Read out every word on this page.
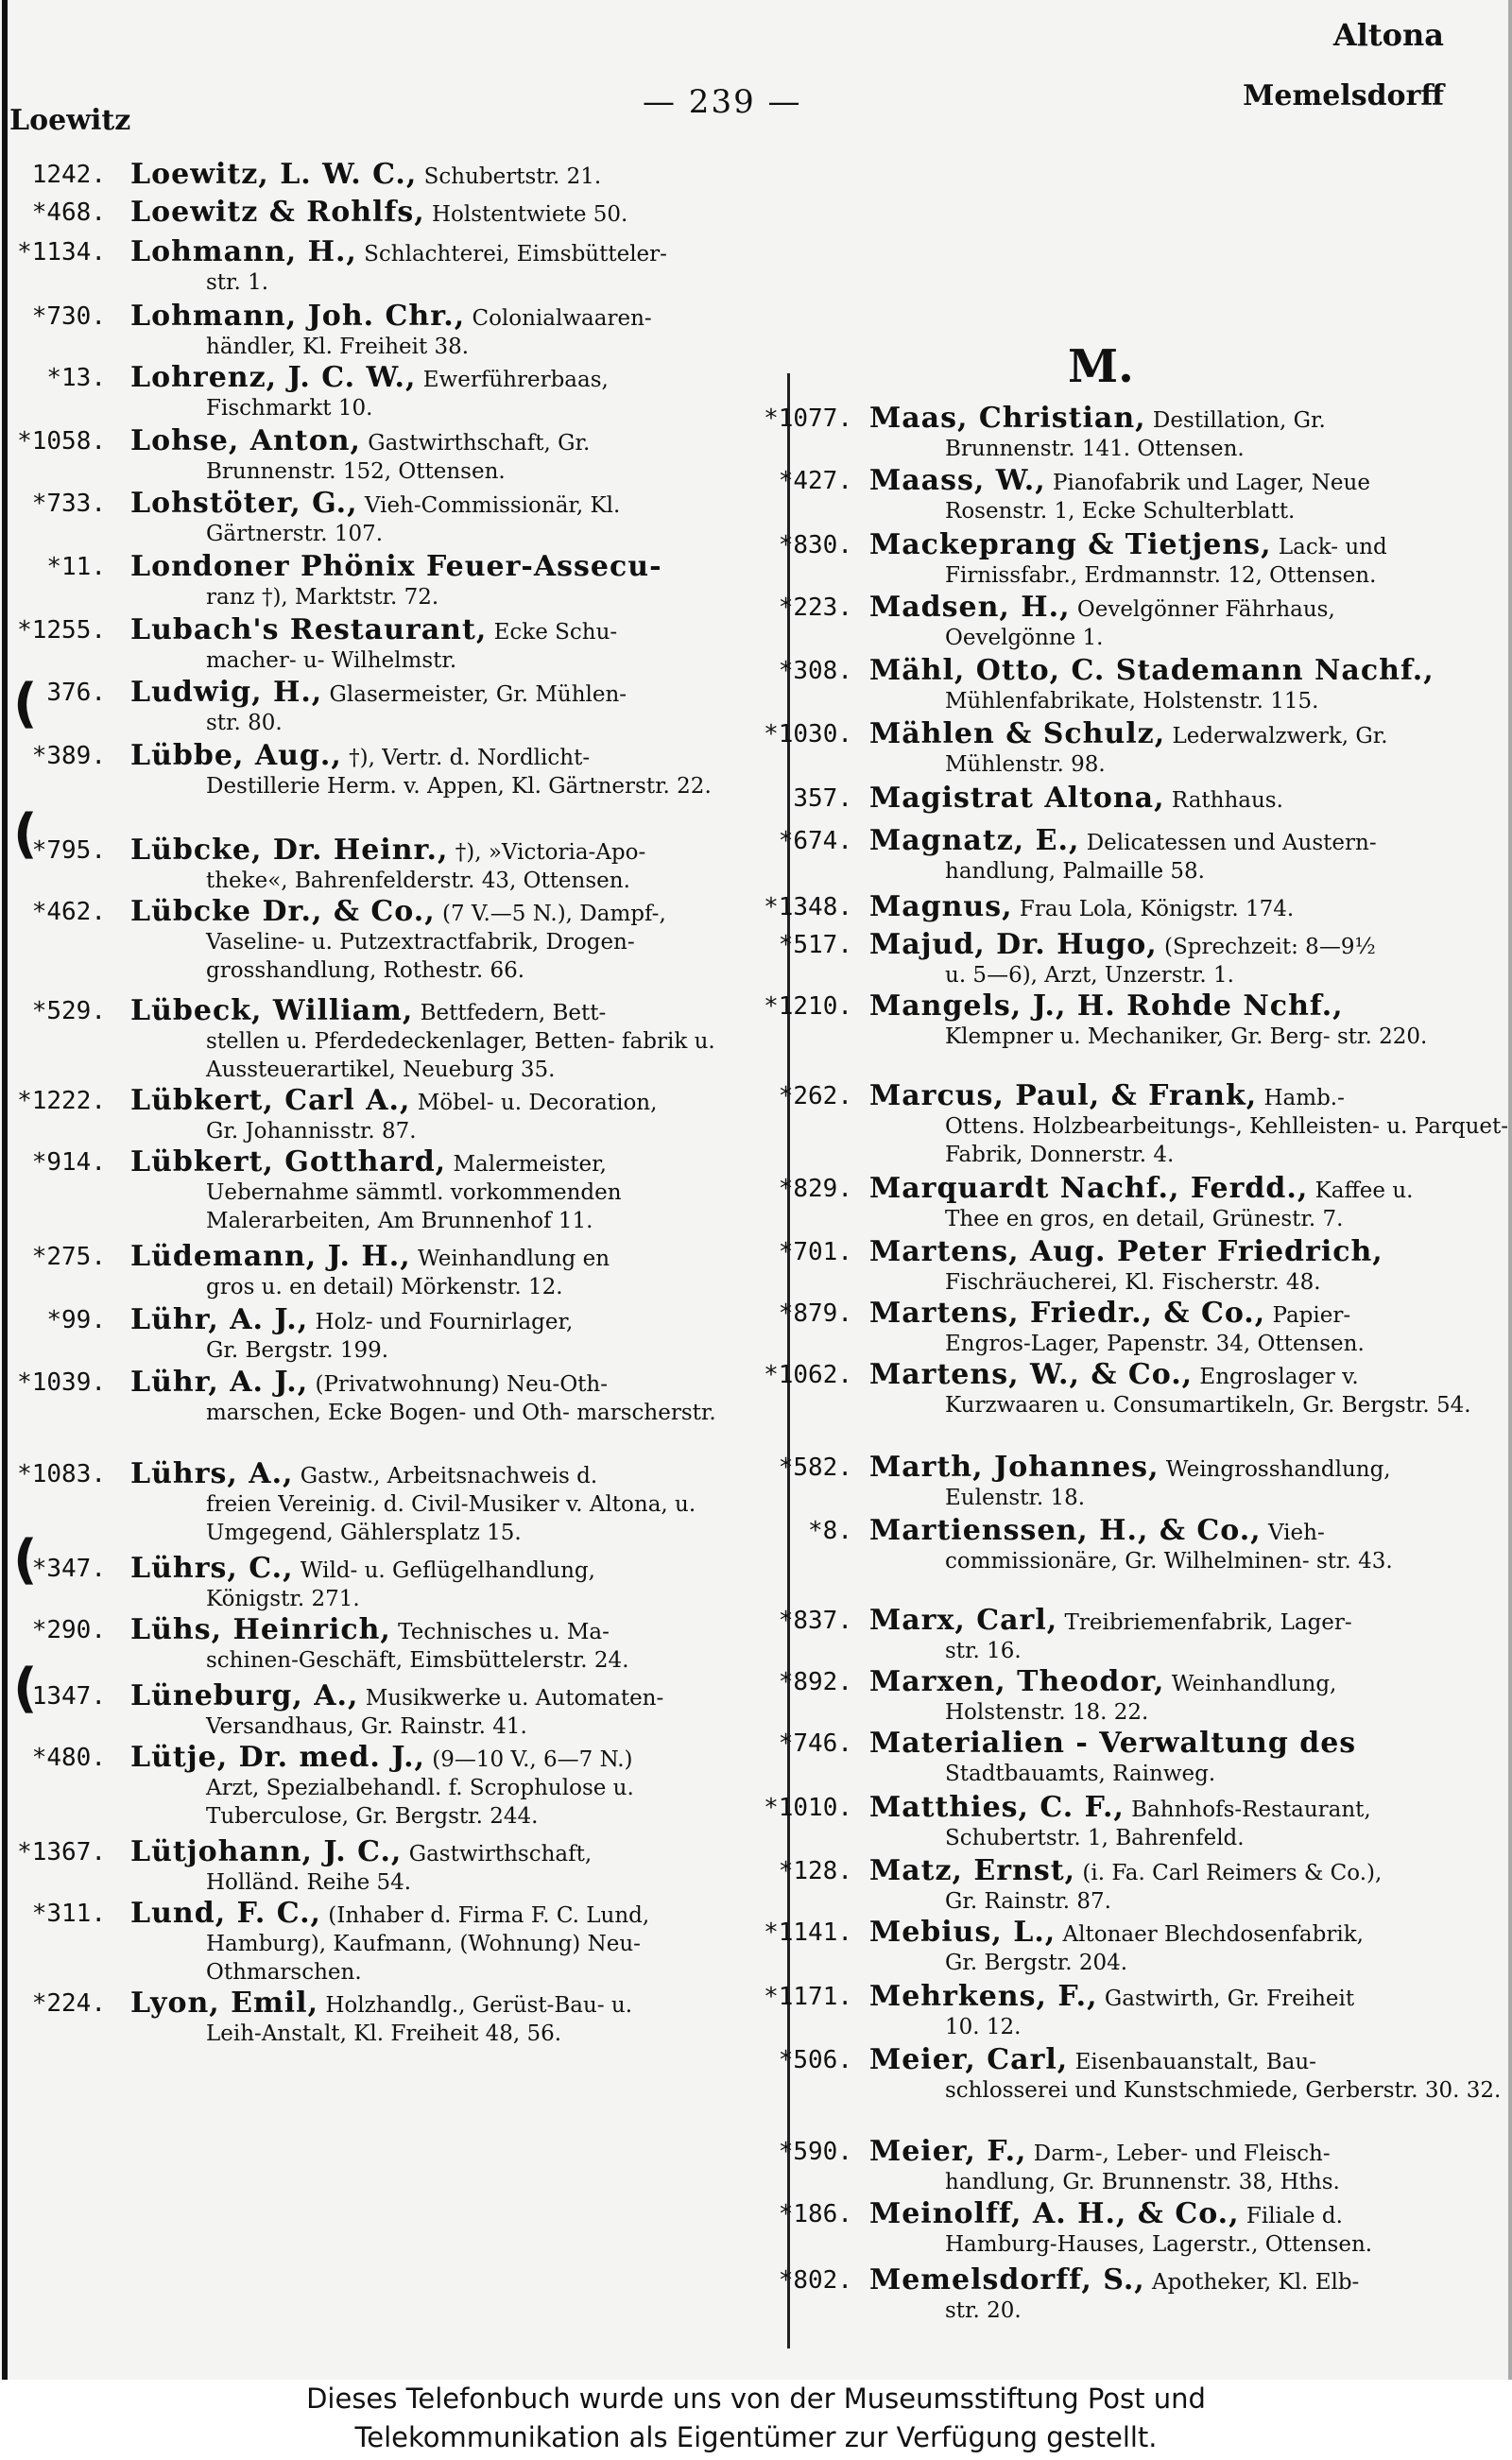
Loewitz	— 239 —
Altona
Memelsdorff
M.
1242. Loewitz, L. W. C., Schubertstr. 21.
*468. Loewitz & Rohlfs, Holstentwiete 50.
*1134. Lohmann, H., Schlachterei, Eimsbütteler-
str. 1.
*730. Lohmann, Joh. Chr., Colonialwaaren-
händler, Kl. Freiheit 38.
*13. Lohrenz, J. C. W., Ewerführerbaas,
Fischmarkt 10.
*1058. Lohse, Anton, Gastwirthschaft, Gr.
Brunnenstr. 152, Ottensen.
*733. Lohstöter, G., Vieh-Commissionär, Kl.
Gärtnerstr. 107.
*11. Londoner Phönix Feuer-Assecu-
ranz †), Marktstr. 72.
*1255. Lubach's Restaurant, Ecke Schu-
macher- u- Wilhelmstr.
376. Ludwig, H., Glasermeister, Gr. Mühlen-
str. 80.
*389. Lübbe, Aug., †), Vertr. d. Nordlicht-
Destillerie Herm. v. Appen, Kl. Gärtnerstr. 22.
*795. Lübcke, Dr. Heinr., †), »Victoria-Apo-
theke«, Bahrenfelderstr. 43, Ottensen.
*462. Lübcke Dr., & Co., (7 V.—5 N.), Dampf-,
Vaseline- u. Putzextractfabrik, Drogen- grosshandlung, Rothestr. 66.
*529. Lübeck, William, Bettfedern, Bett-
stellen u. Pferdedeckenlager, Betten- fabrik u. Aussteuerartikel, Neueburg 35.
*1222. Lübkert, Carl A., Möbel- u. Decoration,
Gr. Johannisstr. 87.
*914. Lübkert, Gotthard, Malermeister,
Uebernahme sämmtl. vorkommenden Malerarbeiten, Am Brunnenhof 11.
*275. Lüdemann, J. H., Weinhandlung en
gros u. en detail) Mörkenstr. 12.
*99. Lühr, A. J., Holz- und Fournirlager,
Gr. Bergstr. 199.
*1039. Lühr, A. J., (Privatwohnung) Neu-Oth-
marschen, Ecke Bogen- und Oth- marscherstr.
*1083. Lührs, A., Gastw., Arbeitsnachweis d.
freien Vereinig. d. Civil-Musiker v. Altona, u. Umgegend, Gählersplatz 15.
*347. Lührs, C., Wild- u. Geflügelhandlung,
Königstr. 271.
*290. Lühs, Heinrich, Technisches u. Ma-
schinen-Geschäft, Eimsbüttelerstr. 24.
1347. Lüneburg, A., Musikwerke u. Automaten-
Versandhaus, Gr. Rainstr. 41.
*480. Lütje, Dr. med. J., (9—10 V., 6—7 N.)
Arzt, Spezialbehandl. f. Scrophulose u. Tuberculose, Gr. Bergstr. 244.
*1367. Lütjohann, J. C., Gastwirthschaft,
Holländ. Reihe 54.
*311. Lund, F. C., (Inhaber d. Firma F. C. Lund,
Hamburg), Kaufmann, (Wohnung) Neu-Othmarschen.
*224. Lyon, Emil, Holzhandlg., Gerüst-Bau- u.
Leih-Anstalt, Kl. Freiheit 48, 56.
*1077. Maas, Christian, Destillation, Gr.
Brunnenstr. 141. Ottensen.
*427. Maass, W., Pianofabrik und Lager, Neue
Rosenstr. 1, Ecke Schulterblatt.
*830. Mackeprang & Tietjens, Lack- und
Firnissfabr., Erdmannstr. 12, Ottensen.
*223. Madsen, H., Oevelgönner Fährhaus,
Oevelgönne 1.
*308. Mähl, Otto, C. Stademann Nachf.,
Mühlenfabrikate, Holstenstr. 115.
*1030. Mählen & Schulz, Lederwalzwerk, Gr.
Mühlenstr. 98.
357. Magistrat Altona, Rathhaus.
*674. Magnatz, E., Delicatessen und Austern-
handlung, Palmaille 58.
*1348. Magnus, Frau Lola, Königstr. 174.
*517. Majud, Dr. Hugo, (Sprechzeit: 8—9½
u. 5—6), Arzt, Unzerstr. 1.
*1210. Mangels, J., H. Rohde Nchf.,
Klempner u. Mechaniker, Gr. Berg- str. 220.
*262. Marcus, Paul, & Frank, Hamb.-
Ottens. Holzbearbeitungs-, Kehlleisten- u. Parquet-Fabrik, Donnerstr. 4.
*829. Marquardt Nachf., Ferdd., Kaffee u.
Thee en gros, en detail, Grünestr. 7.
*701. Martens, Aug. Peter Friedrich,
Fischräucherei, Kl. Fischerstr. 48.
*879. Martens, Friedr., & Co., Papier-
Engros-Lager, Papenstr. 34, Ottensen.
*1062. Martens, W., & Co., Engroslager v.
Kurzwaaren u. Consumartikeln, Gr. Bergstr. 54.
*582. Marth, Johannes, Weingrosshandlung,
Eulenstr. 18.
*8. Martienssen, H., & Co., Vieh-
commissionäre, Gr. Wilhelminen- str. 43.
*837. Marx, Carl, Treibriemenfabrik, Lager-
str. 16.
*892. Marxen, Theodor, Weinhandlung,
Holstenstr. 18. 22.
*746. Materialien - Verwaltung des
Stadtbauamts, Rainweg.
*1010. Matthies, C. F., Bahnhofs-Restaurant,
Schubertstr. 1, Bahrenfeld.
*128. Matz, Ernst, (i. Fa. Carl Reimers & Co.),
Gr. Rainstr. 87.
*1141. Mebius, L., Altonaer Blechdosenfabrik,
Gr. Bergstr. 204.
*1171. Mehrkens, F., Gastwirth, Gr. Freiheit
10. 12.
*506. Meier, Carl, Eisenbauanstalt, Bau-
schlosserei und Kunstschmiede, Gerberstr. 30. 32.
*590. Meier, F., Darm-, Leber- und Fleisch-
handlung, Gr. Brunnenstr. 38, Hths.
*186. Meinolff, A. H., & Co., Filiale d.
Hamburg-Hauses, Lagerstr., Ottensen.
*802. Memelsdorff, S., Apotheker, Kl. Elb-
str. 20.
(
(
(
(
Dieses Telefonbuch wurde uns von der Museumsstiftung Post und
Telekommunikation als Eigentümer zur Verfügung gestellt.
